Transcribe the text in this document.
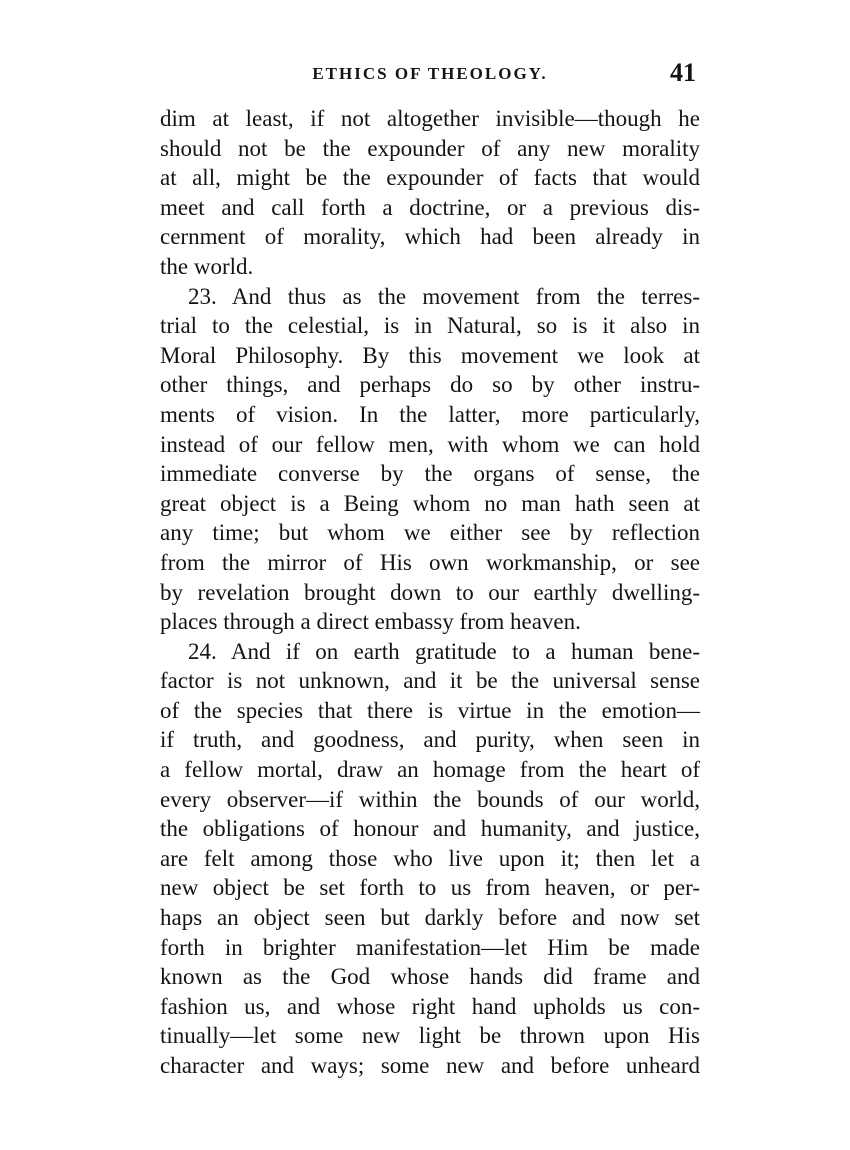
ETHICS OF THEOLOGY.	41
dim at least, if not altogether invisible—though he
should not be the expounder of any new morality
at all, might be the expounder of facts that would
meet and call forth a doctrine, or a previous dis-
cernment of morality, which had been already in
the world.
23. And thus as the movement from the terres-
trial to the celestial, is in Natural, so is it also in
Moral Philosophy. By this movement we look at
other things, and perhaps do so by other instru-
ments of vision. In the latter, more particularly,
instead of our fellow men, with whom we can hold
immediate converse by the organs of sense, the
great object is a Being whom no man hath seen at
any time; but whom we either see by reflection
from the mirror of His own workmanship, or see
by revelation brought down to our earthly dwelling-
places through a direct embassy from heaven.
24. And if on earth gratitude to a human bene-
factor is not unknown, and it be the universal sense
of the species that there is virtue in the emotion—
if truth, and goodness, and purity, when seen in
a fellow mortal, draw an homage from the heart of
every observer—if within the bounds of our world,
the obligations of honour and humanity, and justice,
are felt among those who live upon it; then let a
new object be set forth to us from heaven, or per-
haps an object seen but darkly before and now set
forth in brighter manifestation—let Him be made
known as the God whose hands did frame and
fashion us, and whose right hand upholds us con-
tinually—let some new light be thrown upon His
character and ways; some new and before unheard
